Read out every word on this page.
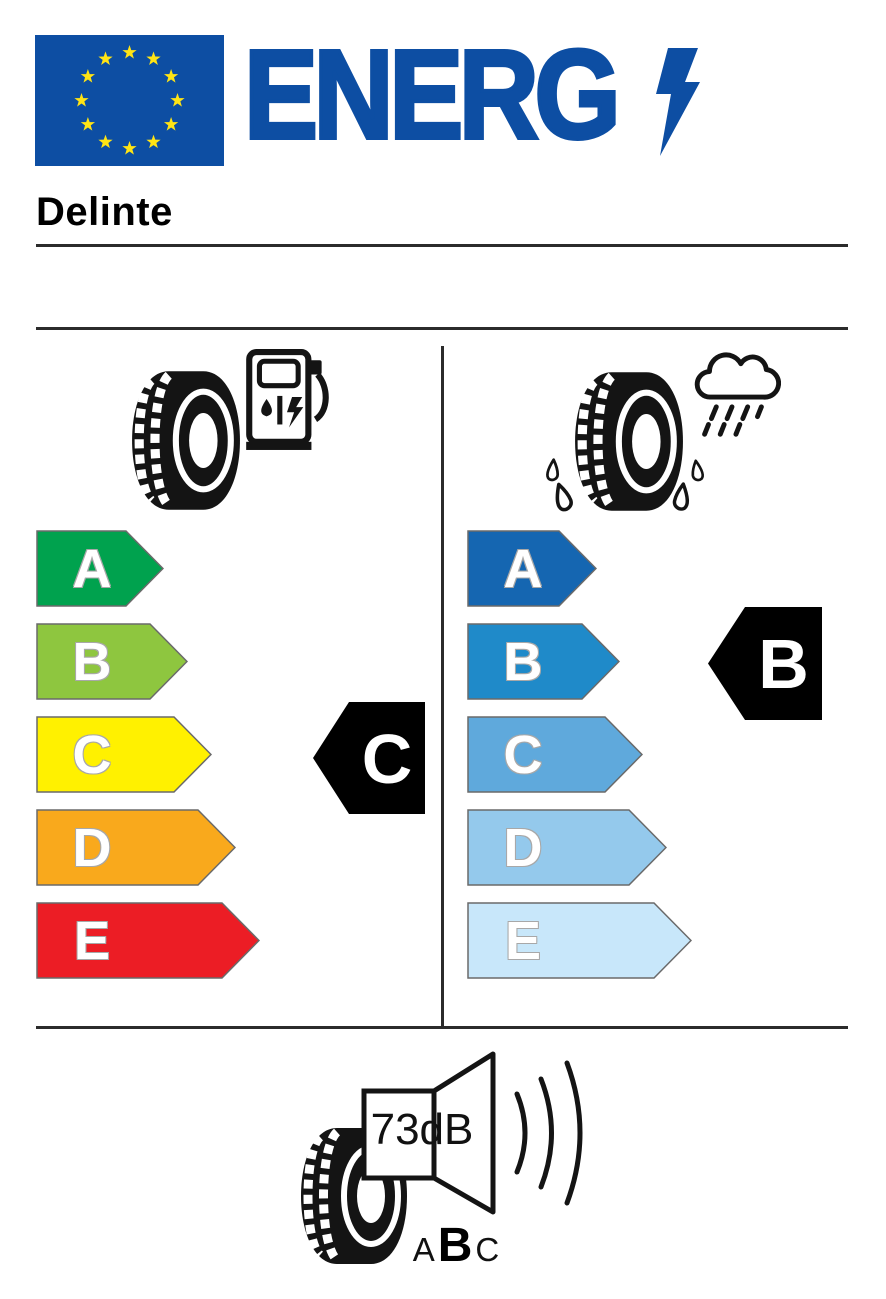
ENERG
Delinte
A
B
C
D
E
C
A
B
C
D
E
B
73dB
A B C
